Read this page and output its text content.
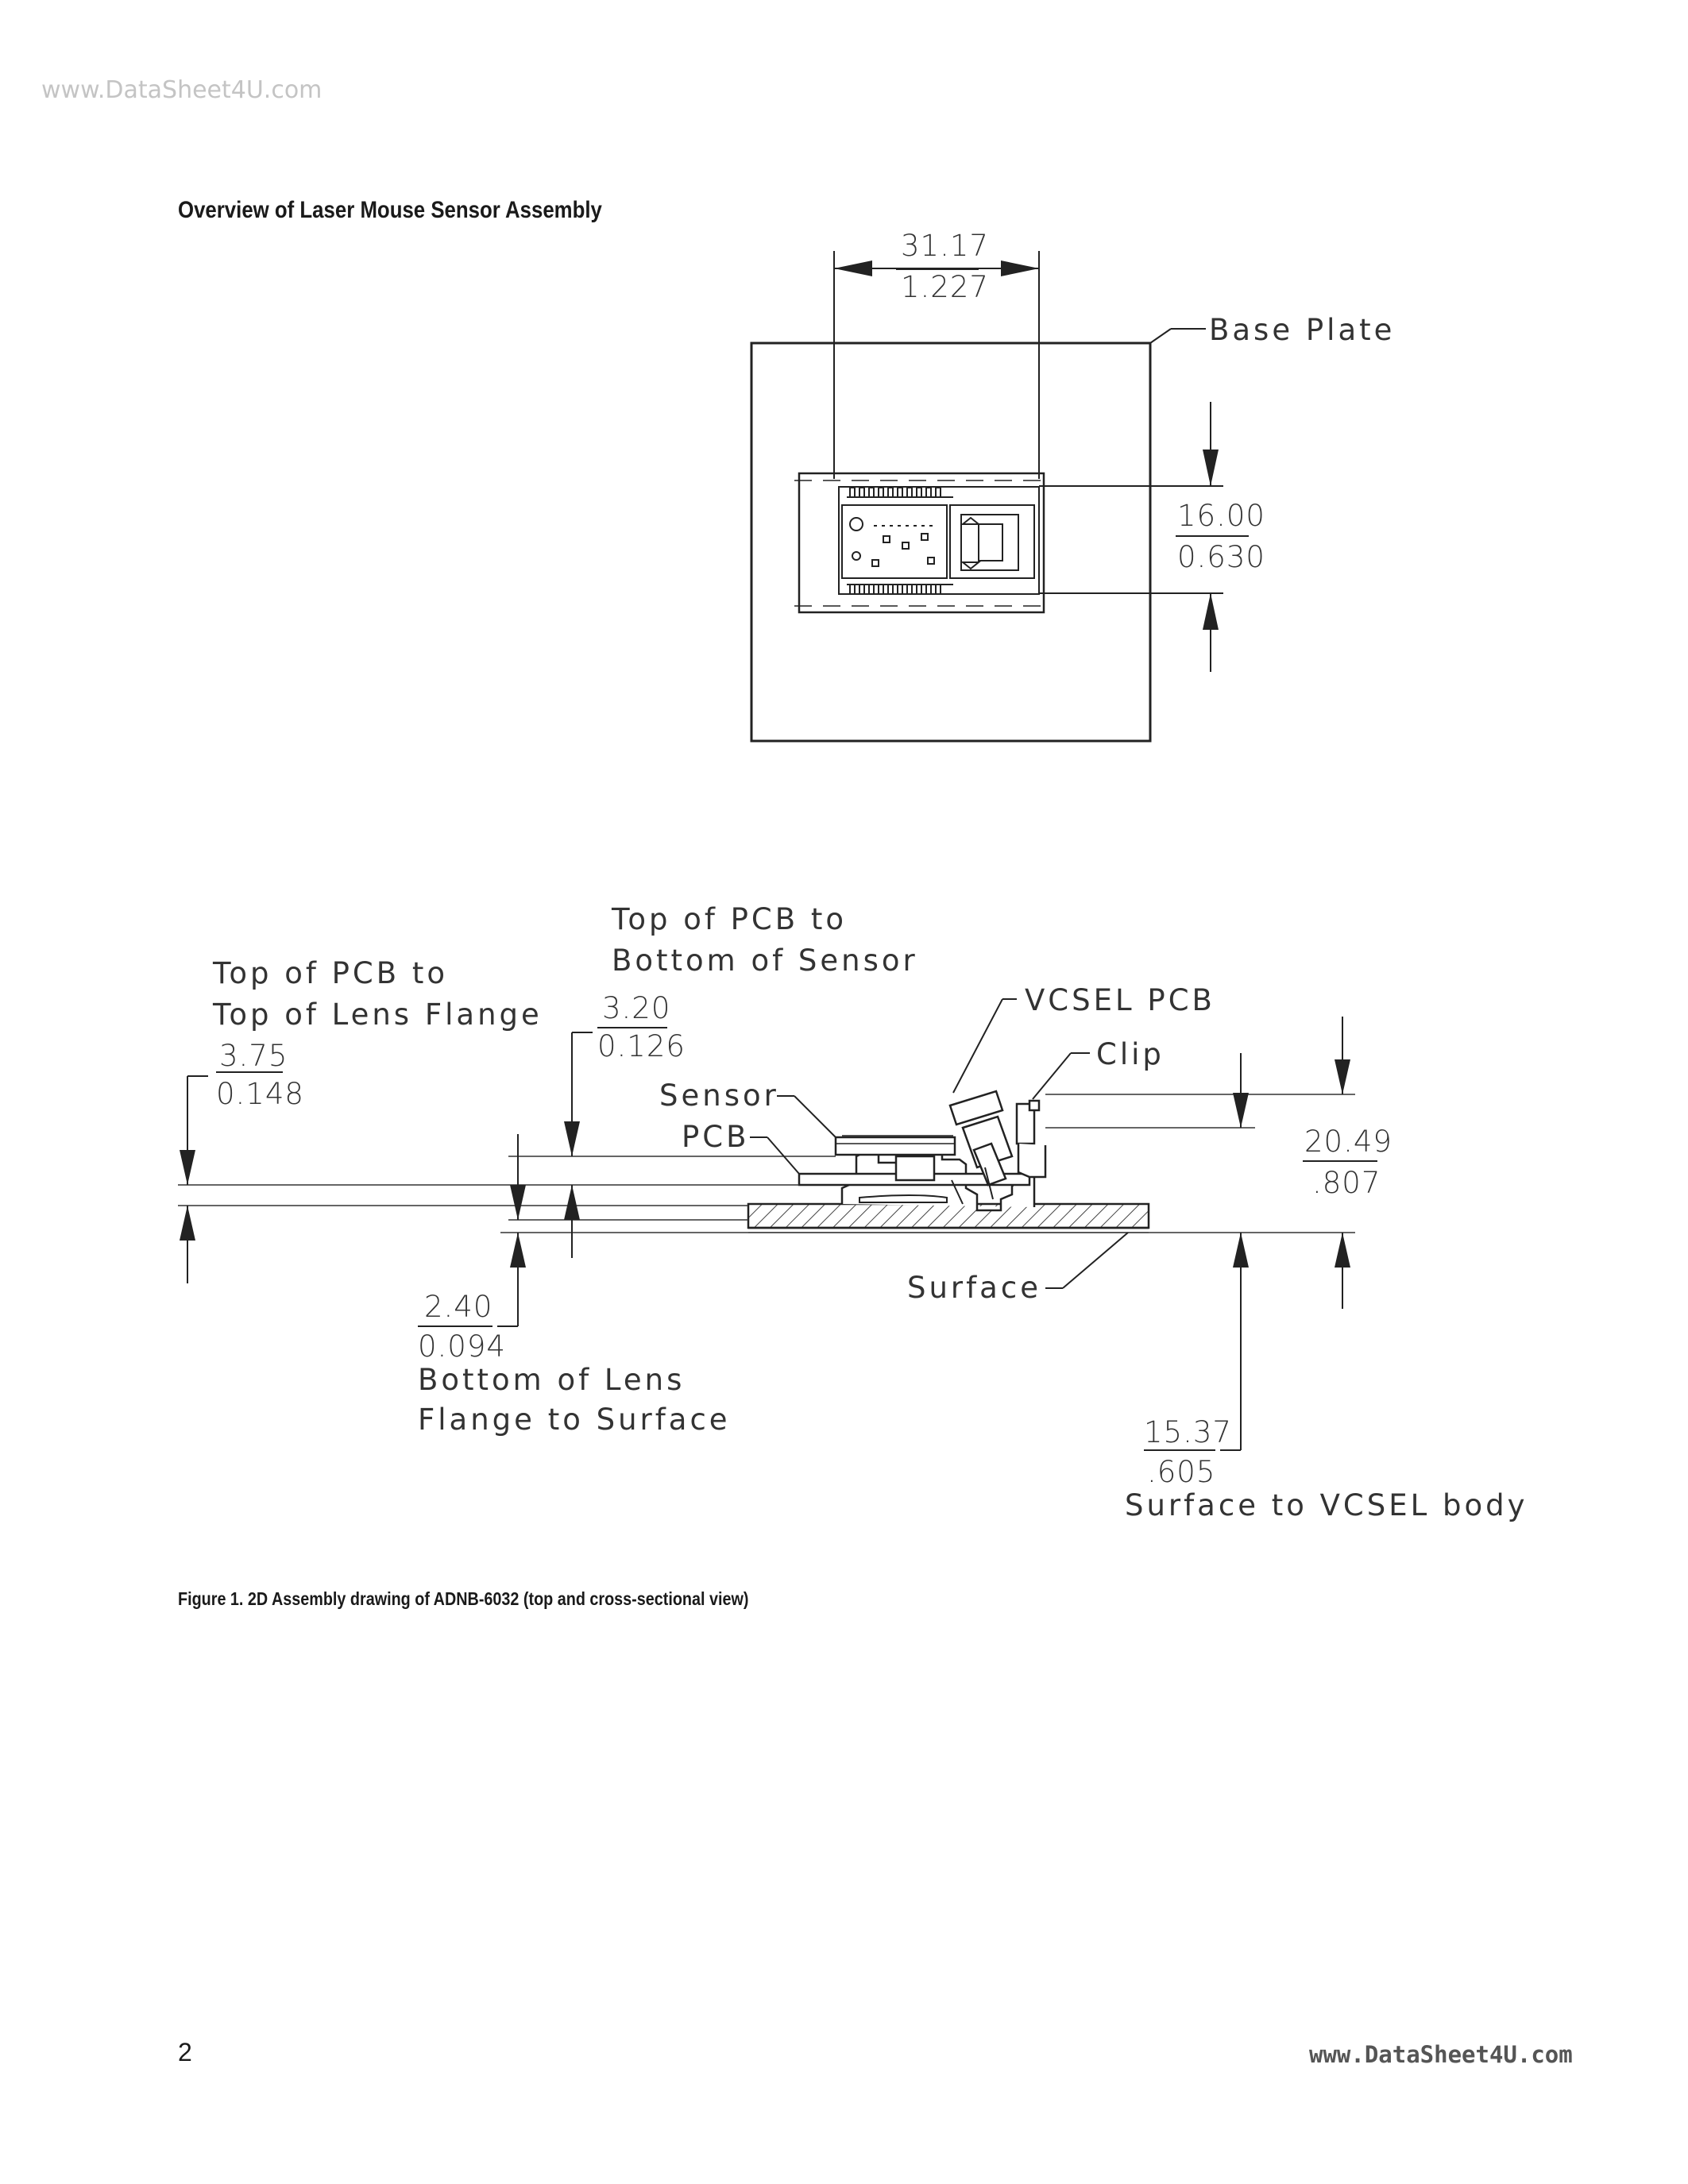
www.DataSheet4U.com
Overview of Laser Mouse Sensor Assembly
31.17
1.227
Base Plate
16.00
0.630
Top of PCB to
Top of Lens Flange
3.75
0.148
Top of PCB to
Bottom of Sensor
3.20
0.126
2.40
0.094
Bottom of Lens
Flange to Surface
Sensor
PCB
VCSEL PCB
Clip
20.49
.807
15.37
.605
Surface to VCSEL body
Surface
Figure 1. 2D Assembly drawing of ADNB-6032 (top and cross-sectional view)
2	www.DataSheet4U.com
